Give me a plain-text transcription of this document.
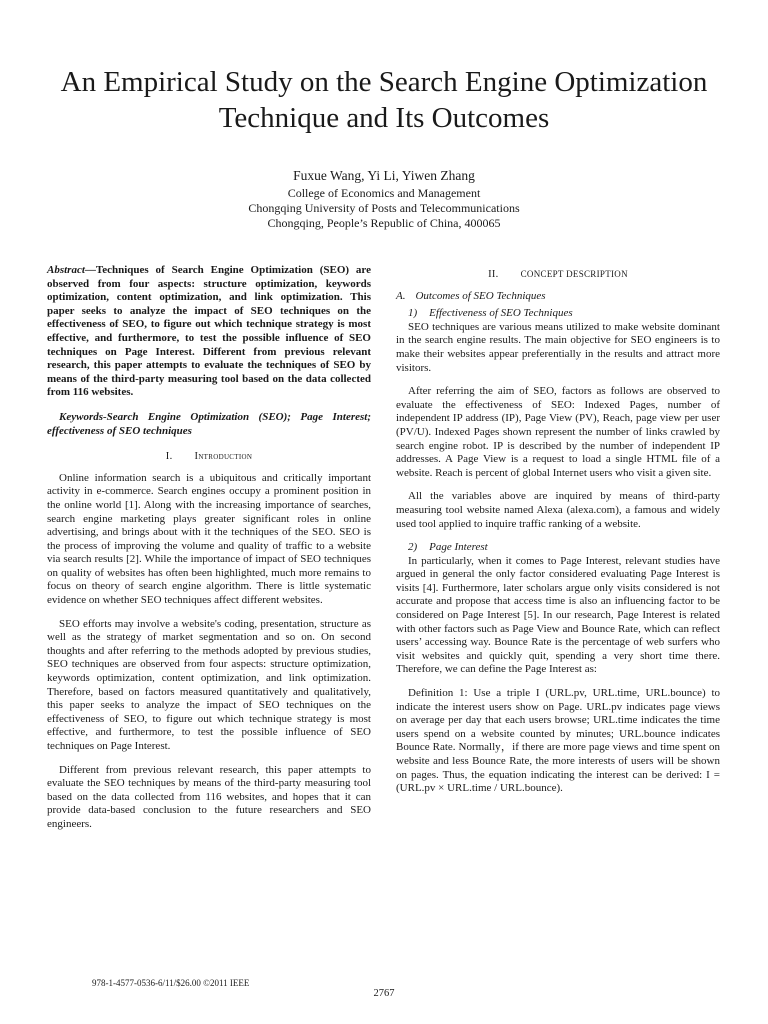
An Empirical Study on the Search Engine Optimization Technique and Its Outcomes
Fuxue Wang, Yi Li, Yiwen Zhang
College of Economics and Management
Chongqing University of Posts and Telecommunications
Chongqing, People’s Republic of China, 400065

Abstract—Techniques of Search Engine Optimization (SEO) are observed from four aspects: structure optimization, keywords optimization, content optimization, and link optimization. This paper seeks to analyze the impact of SEO techniques on the effectiveness of SEO, to figure out which technique strategy is most effective, and furthermore, to test the possible influence of SEO techniques on Page Interest. Different from previous relevant research, this paper attempts to evaluate the techniques of SEO by means of the third-party measuring tool based on the data collected from 116 websites.

Keywords-Search Engine Optimization (SEO); Page Interest; effectiveness of SEO techniques

I. Introduction

Online information search is a ubiquitous and critically important activity in e-commerce. Search engines occupy a prominent position in the online world [1]. Along with the increasing importance of searches, search engine marketing plays greater significant roles in online advertising, and brings about with it the techniques of the SEO. SEO is the process of improving the volume and quality of traffic to a website via search results [2]. While the importance of impact of SEO techniques on quality of websites has often been highlighted, much more remains to focus on theory of search engine algorithm. There is little systematic evidence on whether SEO techniques affect different websites.

SEO efforts may involve a website's coding, presentation, structure as well as the strategy of market segmentation and so on. On second thoughts and after referring to the methods adopted by previous studies, SEO techniques are observed from four aspects: structure optimization, keywords optimization, content optimization, and link optimization. Therefore, based on factors measured quantitatively and qualitatively, this paper seeks to analyze the impact of SEO techniques on the effectiveness of SEO, to figure out which technique strategy is most effective, and furthermore, to test the possible influence of SEO techniques on Page Interest.

Different from previous relevant research, this paper attempts to evaluate the SEO techniques by means of the third-party measuring tool based on the data collected from 116 websites, and hopes that it can provide data-based conclusion to the future researchers and SEO engineers.

II. CONCEPT DESCRIPTION
A. Outcomes of SEO Techniques
1) Effectiveness of SEO Techniques

SEO techniques are various means utilized to make website dominant in the search engine results. The main objective for SEO engineers is to make their websites appear preferentially in the results and attract more visitors.

After referring the aim of SEO, factors as follows are observed to evaluate the effectiveness of SEO: Indexed Pages, number of independent IP address (IP), Page View (PV), Reach, page view per user (PV/U). Indexed Pages shown represent the number of links crawled by search engine robot. IP is described by the number of independent IP addresses. A Page View is a request to load a single HTML file of a website. Reach is percent of global Internet users who visit a given site.

All the variables above are inquired by means of third-party measuring tool website named Alexa (alexa.com), a famous and widely used tool applied to inquire traffic ranking of a website.

2) Page Interest

In particularly, when it comes to Page Interest, relevant studies have argued in general the only factor considered evaluating Page Interest is visits [4]. Furthermore, later scholars argue only visits considered is not accurate and propose that access time is also an influencing factor to be considered on Page Interest [5]. In our research, Page Interest is related with other factors such as Page View and Bounce Rate, which can reflect users’ accessing way. Bounce Rate is the percentage of web surfers who visit websites and quickly quit, spending a very short time there. Therefore, we can define the Page Interest as:

Definition 1: Use a triple I (URL.pv, URL.time, URL.bounce) to indicate the interest users show on Page. URL.pv indicates page views on average per day that each users browse; URL.time indicates the time users spend on a website counted by minutes; URL.bounce indicates Bounce Rate. Normally，if there are more page views and time spent on website and less Bounce Rate, the more interests of users will be shown on pages. Thus, the equation indicating the interest can be derived: I = (URL.pv × URL.time / URL.bounce).

978-1-4577-0536-6/11/$26.00 ©2011 IEEE
2767
